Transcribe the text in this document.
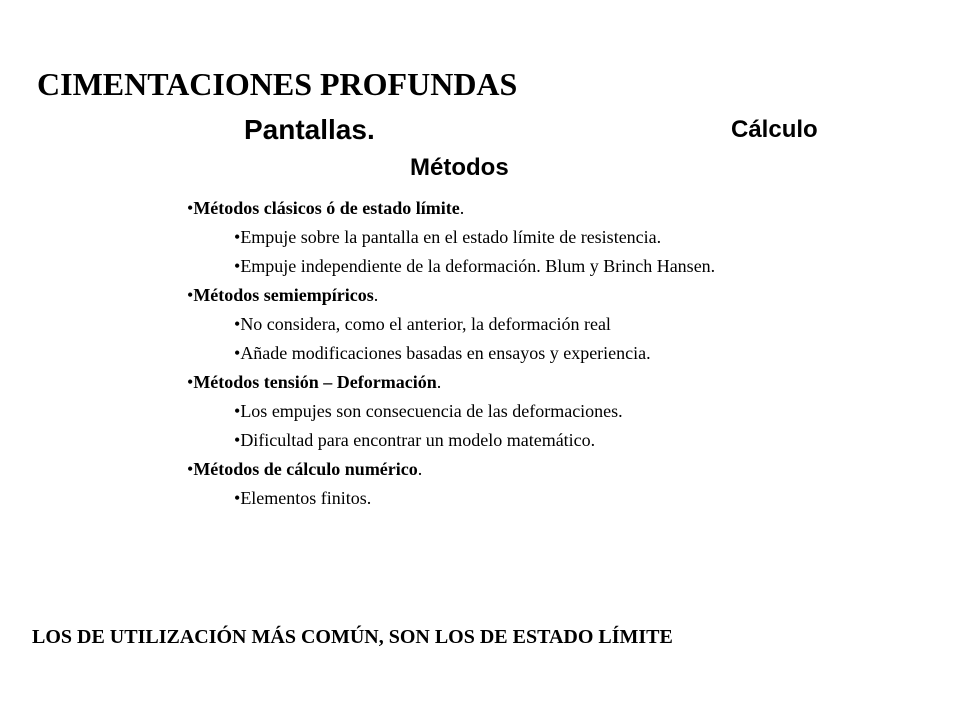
CIMENTACIONES PROFUNDAS
Pantallas.	Cálculo
Métodos
•Métodos clásicos ó de estado límite.
•Empuje sobre la pantalla en el estado límite de resistencia.
•Empuje independiente de la deformación. Blum y Brinch Hansen.
•Métodos semiempíricos.
•No considera, como el anterior, la deformación real
•Añade modificaciones basadas en ensayos y experiencia.
•Métodos tensión – Deformación.
•Los empujes son consecuencia de las deformaciones.
•Dificultad para encontrar un modelo matemático.
•Métodos de cálculo numérico.
•Elementos finitos.
LOS DE UTILIZACIÓN MÁS COMÚN, SON LOS DE ESTADO LÍMITE
